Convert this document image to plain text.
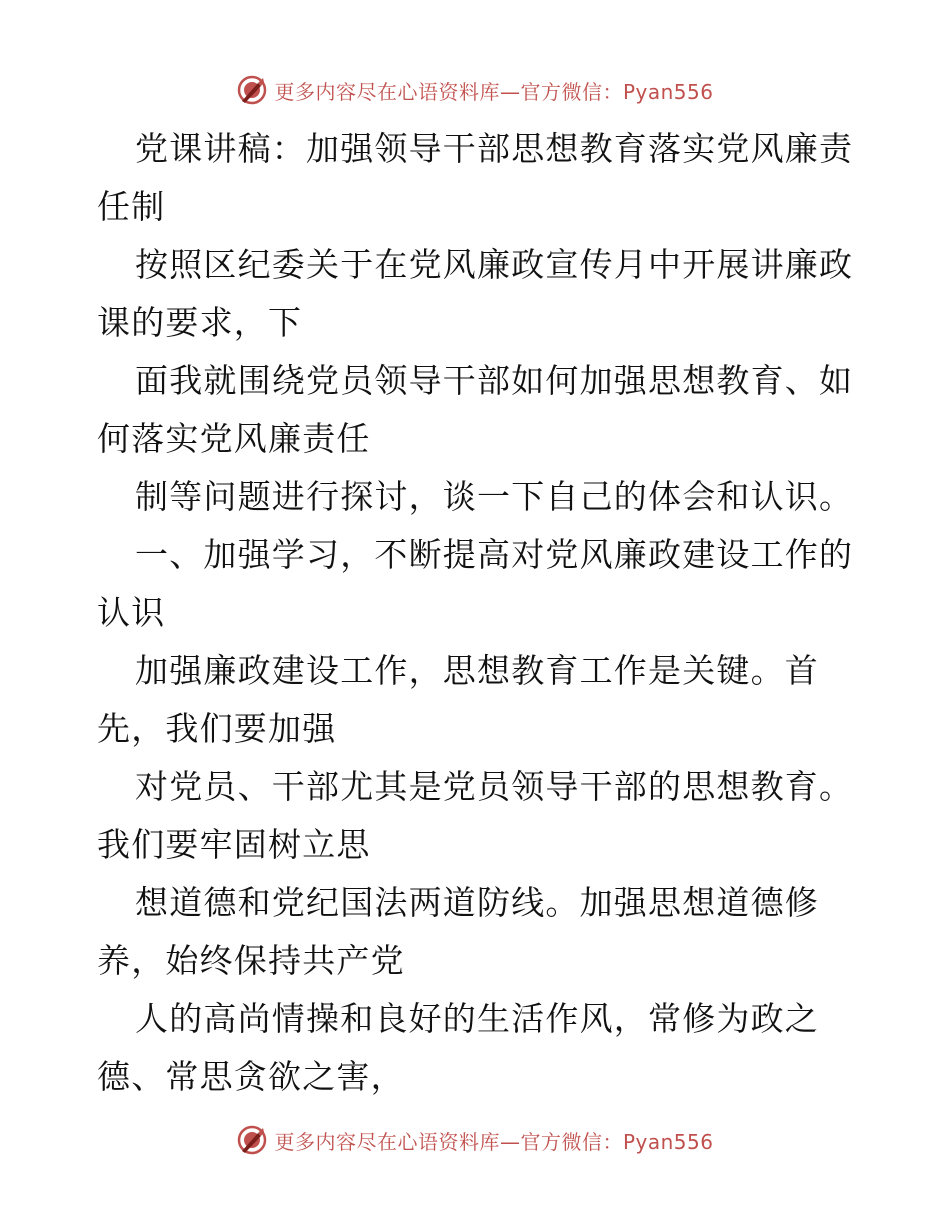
更多内容尽在心语资料库—官方微信：Pyan556

党课讲稿：加强领导干部思想教育落实党风廉责任制

按照区纪委关于在党风廉政宣传月中开展讲廉政课的要求，下

面我就围绕党员领导干部如何加强思想教育、如何落实党风廉责任

制等问题进行探讨，谈一下自己的体会和认识。

一、加强学习，不断提高对党风廉政建设工作的认识

加强廉政建设工作，思想教育工作是关键。首先，我们要加强

对党员、干部尤其是党员领导干部的思想教育。我们要牢固树立思

想道德和党纪国法两道防线。加强思想道德修养，始终保持共产党

人的高尚情操和良好的生活作风，常修为政之德、常思贪欲之害，

更多内容尽在心语资料库—官方微信：Pyan556
